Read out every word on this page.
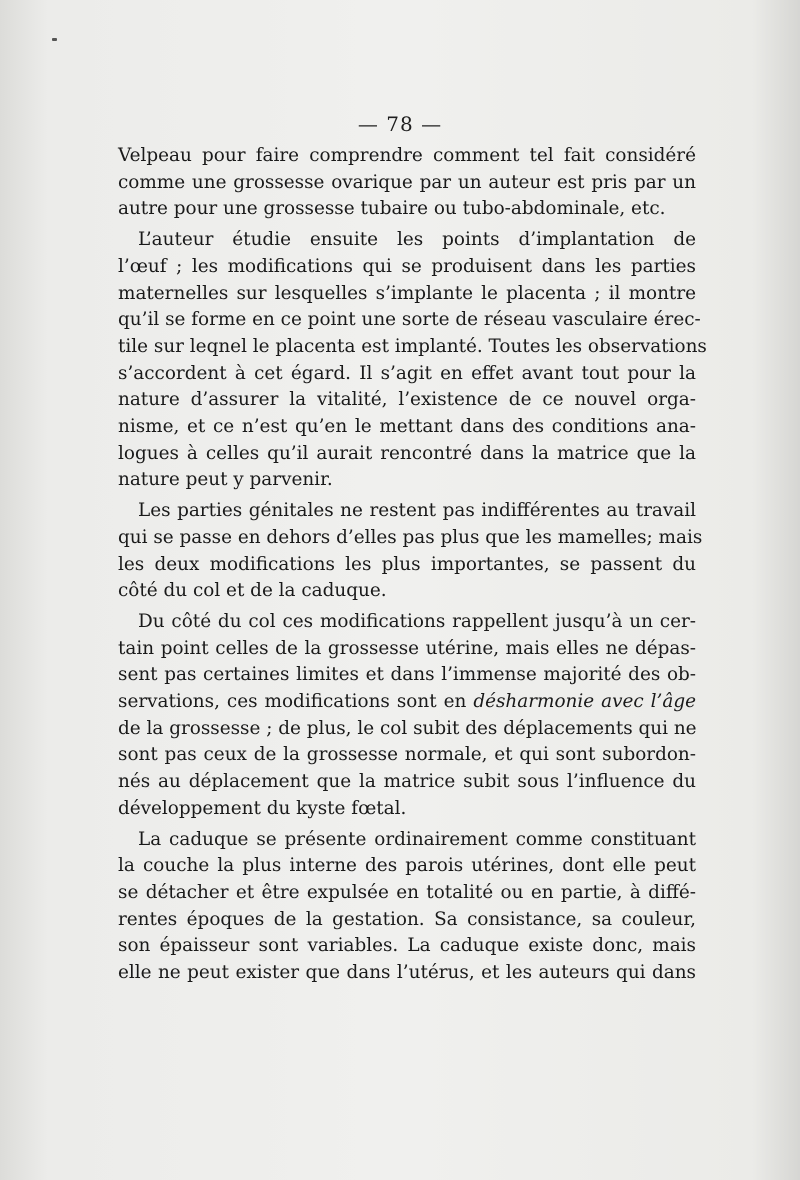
— 78 —
Velpeau pour faire comprendre comment tel fait considéré
comme une grossesse ovarique par un auteur est pris par un
autre pour une grossesse tubaire ou tubo-abdominale, etc.
L’auteur étudie ensuite les points d’implantation de
l’œuf ; les modifications qui se produisent dans les parties
maternelles sur lesquelles s’implante le placenta ; il montre
qu’il se forme en ce point une sorte de réseau vasculaire érec-
tile sur leqnel le placenta est implanté. Toutes les observations
s’accordent à cet égard. Il s’agit en effet avant tout pour la
nature d’assurer la vitalité, l’existence de ce nouvel orga-
nisme, et ce n’est qu’en le mettant dans des conditions ana-
logues à celles qu’il aurait rencontré dans la matrice que la
nature peut y parvenir.
Les parties génitales ne restent pas indifférentes au travail
qui se passe en dehors d’elles pas plus que les mamelles; mais
les deux modifications les plus importantes, se passent du
côté du col et de la caduque.
Du côté du col ces modifications rappellent jusqu’à un cer-
tain point celles de la grossesse utérine, mais elles ne dépas-
sent pas certaines limites et dans l’immense majorité des ob-
servations, ces modifications sont en désharmonie avec l’âge
de la grossesse ; de plus, le col subit des déplacements qui ne
sont pas ceux de la grossesse normale, et qui sont subordon-
nés au déplacement que la matrice subit sous l’influence du
développement du kyste fœtal.
La caduque se présente ordinairement comme constituant
la couche la plus interne des parois utérines, dont elle peut
se détacher et être expulsée en totalité ou en partie, à diffé-
rentes époques de la gestation. Sa consistance, sa couleur,
son épaisseur sont variables. La caduque existe donc, mais
elle ne peut exister que dans l’utérus, et les auteurs qui dans
